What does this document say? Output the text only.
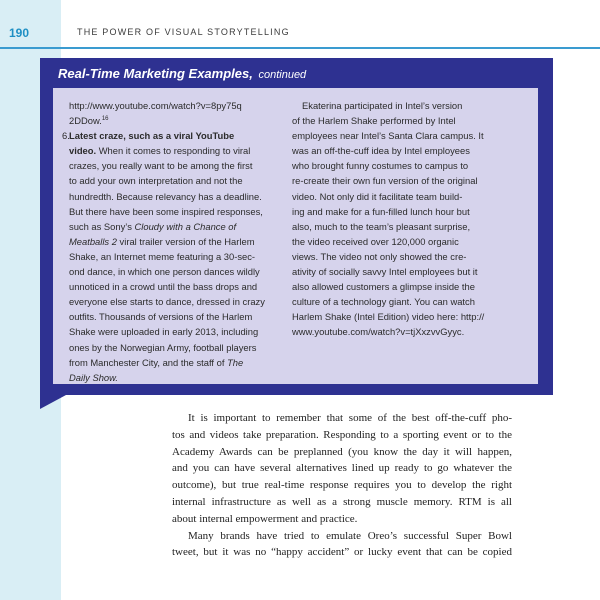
190	THE POWER OF VISUAL STORYTELLING
Real-Time Marketing Examples, continued
http://www.youtube.com/watch?v=8py75q
2DDow.$^{16}$
6.Latest craze, such as a viral YouTube
video. When it comes to responding to viral
crazes, you really want to be among the first
to add your own interpretation and not the
hundredth. Because relevancy has a deadline.
But there have been some inspired responses,
such as Sony’s Cloudy with a Chance of
Meatballs 2 viral trailer version of the Harlem
Shake, an Internet meme featuring a 30-sec-
ond dance, in which one person dances wildly
unnoticed in a crowd until the bass drops and
everyone else starts to dance, dressed in crazy
outfits. Thousands of versions of the Harlem
Shake were uploaded in early 2013, including
ones by the Norwegian Army, football players
from Manchester City, and the staff of The
Daily Show.
Ekaterina participated in Intel’s version
of the Harlem Shake performed by Intel
employees near Intel’s Santa Clara campus. It
was an off-the-cuff idea by Intel employees
who brought funny costumes to campus to
re-create their own fun version of the original
video. Not only did it facilitate team build-
ing and make for a fun-filled lunch hour but
also, much to the team’s pleasant surprise,
the video received over 120,000 organic
views. The video not only showed the cre-
ativity of socially savvy Intel employees but it
also allowed customers a glimpse inside the
culture of a technology giant. You can watch
Harlem Shake (Intel Edition) video here: http://
www.youtube.com/watch?v=tjXxzvvGyyc.
It is important to remember that some of the best off-the-cuff pho-
tos and videos take preparation. Responding to a sporting event or to the
Academy Awards can be preplanned (you know the day it will happen,
and you can have several alternatives lined up ready to go whatever the
outcome), but true real-time response requires you to develop the right
internal infrastructure as well as a strong muscle memory. RTM is all
about internal empowerment and practice.
Many brands have tried to emulate Oreo’s successful Super Bowl
tweet, but it was no “happy accident” or lucky event that can be copied
